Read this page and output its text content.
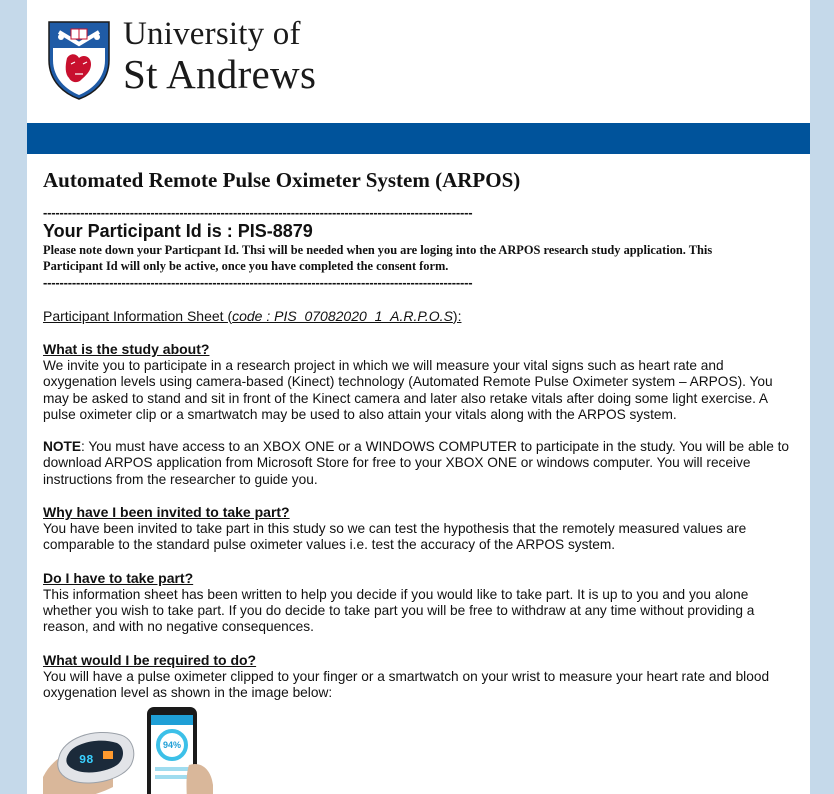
University of
St Andrews
Automated Remote Pulse Oximeter System (ARPOS)
--------------------------------------------------------------------------------------------------------
Your Participant Id is : PIS-8879
Please note down your Particpant Id. Thsi will be needed when you are loging into the ARPOS research study application. This Participant Id will only be active, once you have completed the consent form.
--------------------------------------------------------------------------------------------------------
Participant Information Sheet (code : PIS_07082020_1_A.R.P.O.S):
What is the study about?
We invite you to participate in a research project in which we will measure your vital signs such as heart rate and oxygenation levels using camera-based (Kinect) technology (Automated Remote Pulse Oximeter system – ARPOS). You may be asked to stand and sit in front of the Kinect camera and later also retake vitals after doing some light exercise. A pulse oximeter clip or a smartwatch may be used to also attain your vitals along with the ARPOS system.
NOTE: You must have access to an XBOX ONE or a WINDOWS COMPUTER to participate in the study. You will be able to download ARPOS application from Microsoft Store for free to your XBOX ONE or windows computer. You will receive instructions from the researcher to guide you.
Why have I been invited to take part?
You have been invited to take part in this study so we can test the hypothesis that the remotely measured values are comparable to the standard pulse oximeter values i.e. test the accuracy of the ARPOS system.
Do I have to take part?
This information sheet has been written to help you decide if you would like to take part. It is up to you and you alone whether you wish to take part. If you do decide to take part you will be free to withdraw at any time without providing a reason, and with no negative consequences.
What would I be required to do?
You will have a pulse oximeter clipped to your finger or a smartwatch on your wrist to measure your heart rate and blood oxygenation level as shown in the image below:
98
94%
